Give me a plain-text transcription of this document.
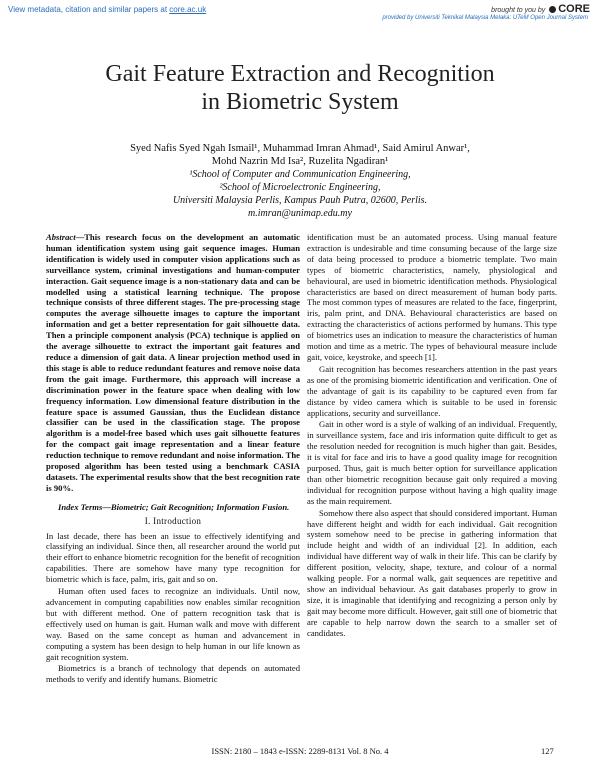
View metadata, citation and similar papers at core.ac.uk	brought to you by CORE
provided by Universiti Teknikal Malaysia Melaka: UTeM Open Journal System
Gait Feature Extraction and Recognition
in Biometric System
Syed Nafis Syed Ngah Ismail¹, Muhammad Imran Ahmad¹, Said Amirul Anwar¹,
Mohd Nazrin Md Isa², Ruzelita Ngadiran¹
¹School of Computer and Communication Engineering,
²School of Microelectronic Engineering,
Universiti Malaysia Perlis, Kampus Pauh Putra, 02600, Perlis.
m.imran@unimap.edu.my
Abstract—This research focus on the development an automatic human identification system using gait sequence images. Human identification is widely used in computer vision applications such as surveillance system, criminal investigations and human-computer interaction. Gait sequence image is a non-stationary data and can be modelled using a statistical learning technique. The propose technique consists of three different stages. The pre-processing stage computes the average silhouette images to capture the important information and get a better representation for gait silhouette data. Then a principle component analysis (PCA) technique is applied on the average silhouette to extract the important gait features and reduce a dimension of gait data. A linear projection method used in this stage is able to reduce redundant features and remove noise data from the gait image. Furthermore, this approach will increase a discrimination power in the feature space when dealing with low frequency information. Low dimensional feature distribution in the feature space is assumed Gaussian, thus the Euclidean distance classifier can be used in the classification stage. The propose algorithm is a model-free based which uses gait silhouette features for the compact gait image representation and a linear feature reduction technique to remove redundant and noise information. The proposed algorithm has been tested using a benchmark CASIA datasets. The experimental results show that the best recognition rate is 90%.
Index Terms—Biometric; Gait Recognition; Information Fusion.
I. Introduction
In last decade, there has been an issue to effectively identifying and classifying an individual. Since then, all researcher around the world put their effort to enhance biometric recognition for the benefit of recognition capabilities. There are somehow have many type recognition for biometric which is face, palm, iris, gait and so on.
Human often used faces to recognize an individuals. Until now, advancement in computing capabilities now enables similar recognition but with different method. One of pattern recognition task that is effectively used on human is gait. Human walk and move with different way. Based on the same concept as human and advancement in computing a system has been design to help human in our life known as gait recognition system.
Biometrics is a branch of technology that depends on automated methods to verify and identify humans. Biometric
identification must be an automated process. Using manual feature extraction is undesirable and time consuming because of the large size of data being processed to produce a biometric template. Two main types of biometric characteristics, namely, physiological and behavioural, are used in biometric identification methods. Physiological characteristics are based on direct measurement of human body parts. The most common types of measures are related to the face, fingerprint, iris, palm print, and DNA. Behavioural characteristics are based on extracting the characteristics of actions performed by humans. This type of biometrics uses an indication to measure the characteristics of human motion and time as a metric. The types of behavioural measure include gait, voice, keystroke, and speech [1].
Gait recognition has becomes researchers attention in the past years as one of the promising biometric identification and verification. One of the advantage of gait is its capability to be captured even from far distance by video camera which is suitable to be used in forensic applications, security and surveillance.
Gait in other word is a style of walking of an individual. Frequently, in surveillance system, face and iris information quite difficult to get as the resolution needed for recognition is much higher than gait. Besides, it is vital for face and iris to have a good quality image for recognition purposed. Thus, gait is much better option for surveillance application than other biometric recognition because gait only required a moving individual for recognition purpose without having a high quality image as the main requirement.
Somehow there also aspect that should considered important. Human have different height and width for each individual. Gait recognition system somehow need to be precise in gathering information that include height and width of an individual [2]. In addition, each individual have different way of walk in their life. This can be clarify by different position, velocity, shape, texture, and colour of a normal walking people. For a normal walk, gait sequences are repetitive and show an individual behaviour. As gait databases properly to grow in size, it is imaginable that identifying and recognizing a person only by gait may become more difficult. However, gait still one of biometric that are capable to help narrow down the search to a smaller set of candidates.
ISSN: 2180 – 1843 e-ISSN: 2289-8131 Vol. 8 No. 4	127
